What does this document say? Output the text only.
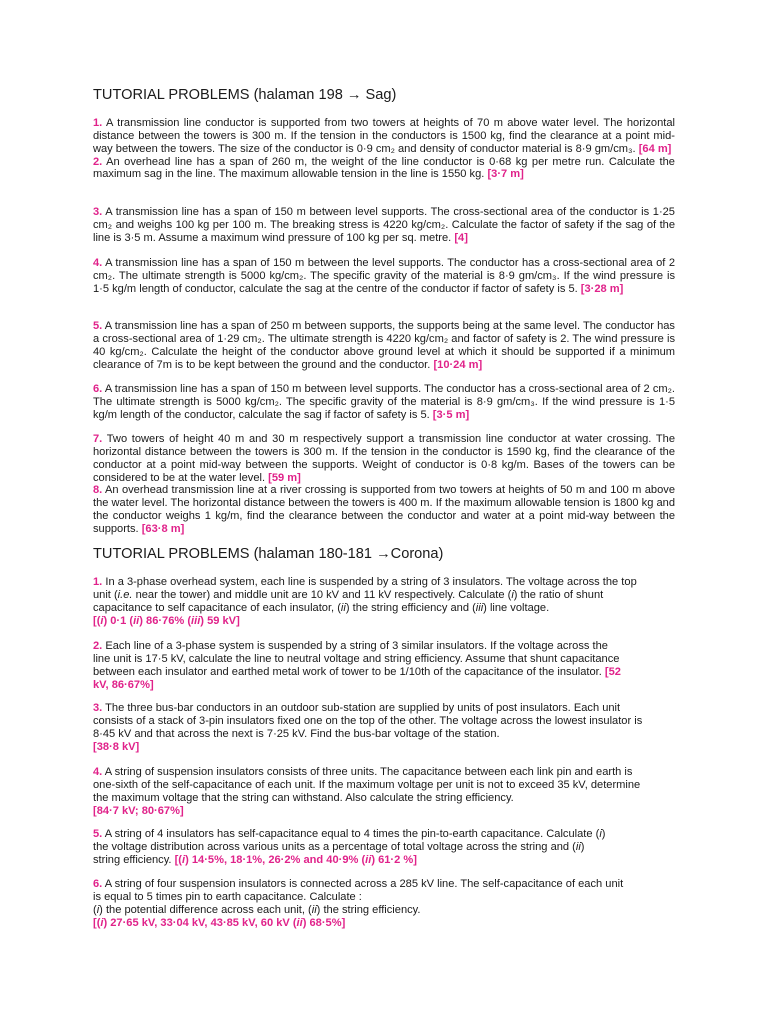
TUTORIAL PROBLEMS (halaman 198 → Sag)

1. A transmission line conductor is supported from two towers at heights of 70 m above water level. The horizontal distance between the towers is 300 m. If the tension in the conductors is 1500 kg, find the clearance at a point mid-way between the towers. The size of the conductor is 0·9 cm₂ and density of conductor material is 8·9 gm/cm₃. [64 m]
2. An overhead line has a span of 260 m, the weight of the line conductor is 0·68 kg per metre run. Calculate the maximum sag in the line. The maximum allowable tension in the line is 1550 kg. [3·7 m]

3. A transmission line has a span of 150 m between level supports. The cross-sectional area of the conductor is 1·25 cm₂ and weighs 100 kg per 100 m. The breaking stress is 4220 kg/cm₂. Calculate the factor of safety if the sag of the line is 3·5 m. Assume a maximum wind pressure of 100 kg per sq. metre. [4]

4. A transmission line has a span of 150 m between the level supports. The conductor has a cross-sectional area of 2 cm₂. The ultimate strength is 5000 kg/cm₂. The specific gravity of the material is 8·9 gm/cm₃. If the wind pressure is 1·5 kg/m length of conductor, calculate the sag at the centre of the conductor if factor of safety is 5. [3·28 m]

5. A transmission line has a span of 250 m between supports, the supports being at the same level. The conductor has a cross-sectional area of 1·29 cm₂. The ultimate strength is 4220 kg/cm₂ and factor of safety is 2. The wind pressure is 40 kg/cm₂. Calculate the height of the conductor above ground level at which it should be supported if a minimum clearance of 7m is to be kept between the ground and the conductor. [10·24 m]

6. A transmission line has a span of 150 m between level supports. The conductor has a cross-sectional area of 2 cm₂. The ultimate strength is 5000 kg/cm₂. The specific gravity of the material is 8·9 gm/cm₃. If the wind pressure is 1·5 kg/m length of the conductor, calculate the sag if factor of safety is 5. [3·5 m]

7. Two towers of height 40 m and 30 m respectively support a transmission line conductor at water crossing. The horizontal distance between the towers is 300 m. If the tension in the conductor is 1590 kg, find the clearance of the conductor at a point mid-way between the supports. Weight of conductor is 0·8 kg/m. Bases of the towers can be considered to be at the water level. [59 m]
8. An overhead transmission line at a river crossing is supported from two towers at heights of 50 m and 100 m above the water level. The horizontal distance between the towers is 400 m. If the maximum allowable tension is 1800 kg and the conductor weighs 1 kg/m, find the clearance between the conductor and water at a point mid-way between the supports. [63·8 m]

TUTORIAL PROBLEMS (halaman 180-181 →Corona)

1. In a 3-phase overhead system, each line is suspended by a string of 3 insulators. The voltage across the top unit (i.e. near the tower) and middle unit are 10 kV and 11 kV respectively. Calculate (i) the ratio of shunt capacitance to self capacitance of each insulator, (ii) the string efficiency and (iii) line voltage.
[(i) 0·1 (ii) 86·76% (iii) 59 kV]

2. Each line of a 3-phase system is suspended by a string of 3 similar insulators. If the voltage across the line unit is 17·5 kV, calculate the line to neutral voltage and string efficiency. Assume that shunt capacitance between each insulator and earthed metal work of tower to be 1/10th of the capacitance of the insulator. [52 kV, 86·67%]

3. The three bus-bar conductors in an outdoor sub-station are supplied by units of post insulators. Each unit consists of a stack of 3-pin insulators fixed one on the top of the other. The voltage across the lowest insulator is 8·45 kV and that across the next is 7·25 kV. Find the bus-bar voltage of the station.
[38·8 kV]

4. A string of suspension insulators consists of three units. The capacitance between each link pin and earth is one-sixth of the self-capacitance of each unit. If the maximum voltage per unit is not to exceed 35 kV, determine the maximum voltage that the string can withstand. Also calculate the string efficiency.
[84·7 kV; 80·67%]

5. A string of 4 insulators has self-capacitance equal to 4 times the pin-to-earth capacitance. Calculate (i) the voltage distribution across various units as a percentage of total voltage across the string and (ii) string efficiency. [(i) 14·5%, 18·1%, 26·2% and 40·9% (ii) 61·2 %]

6. A string of four suspension insulators is connected across a 285 kV line. The self-capacitance of each unit is equal to 5 times pin to earth capacitance. Calculate :
(i) the potential difference across each unit, (ii) the string efficiency.
[(i) 27·65 kV, 33·04 kV, 43·85 kV, 60 kV (ii) 68·5%]
